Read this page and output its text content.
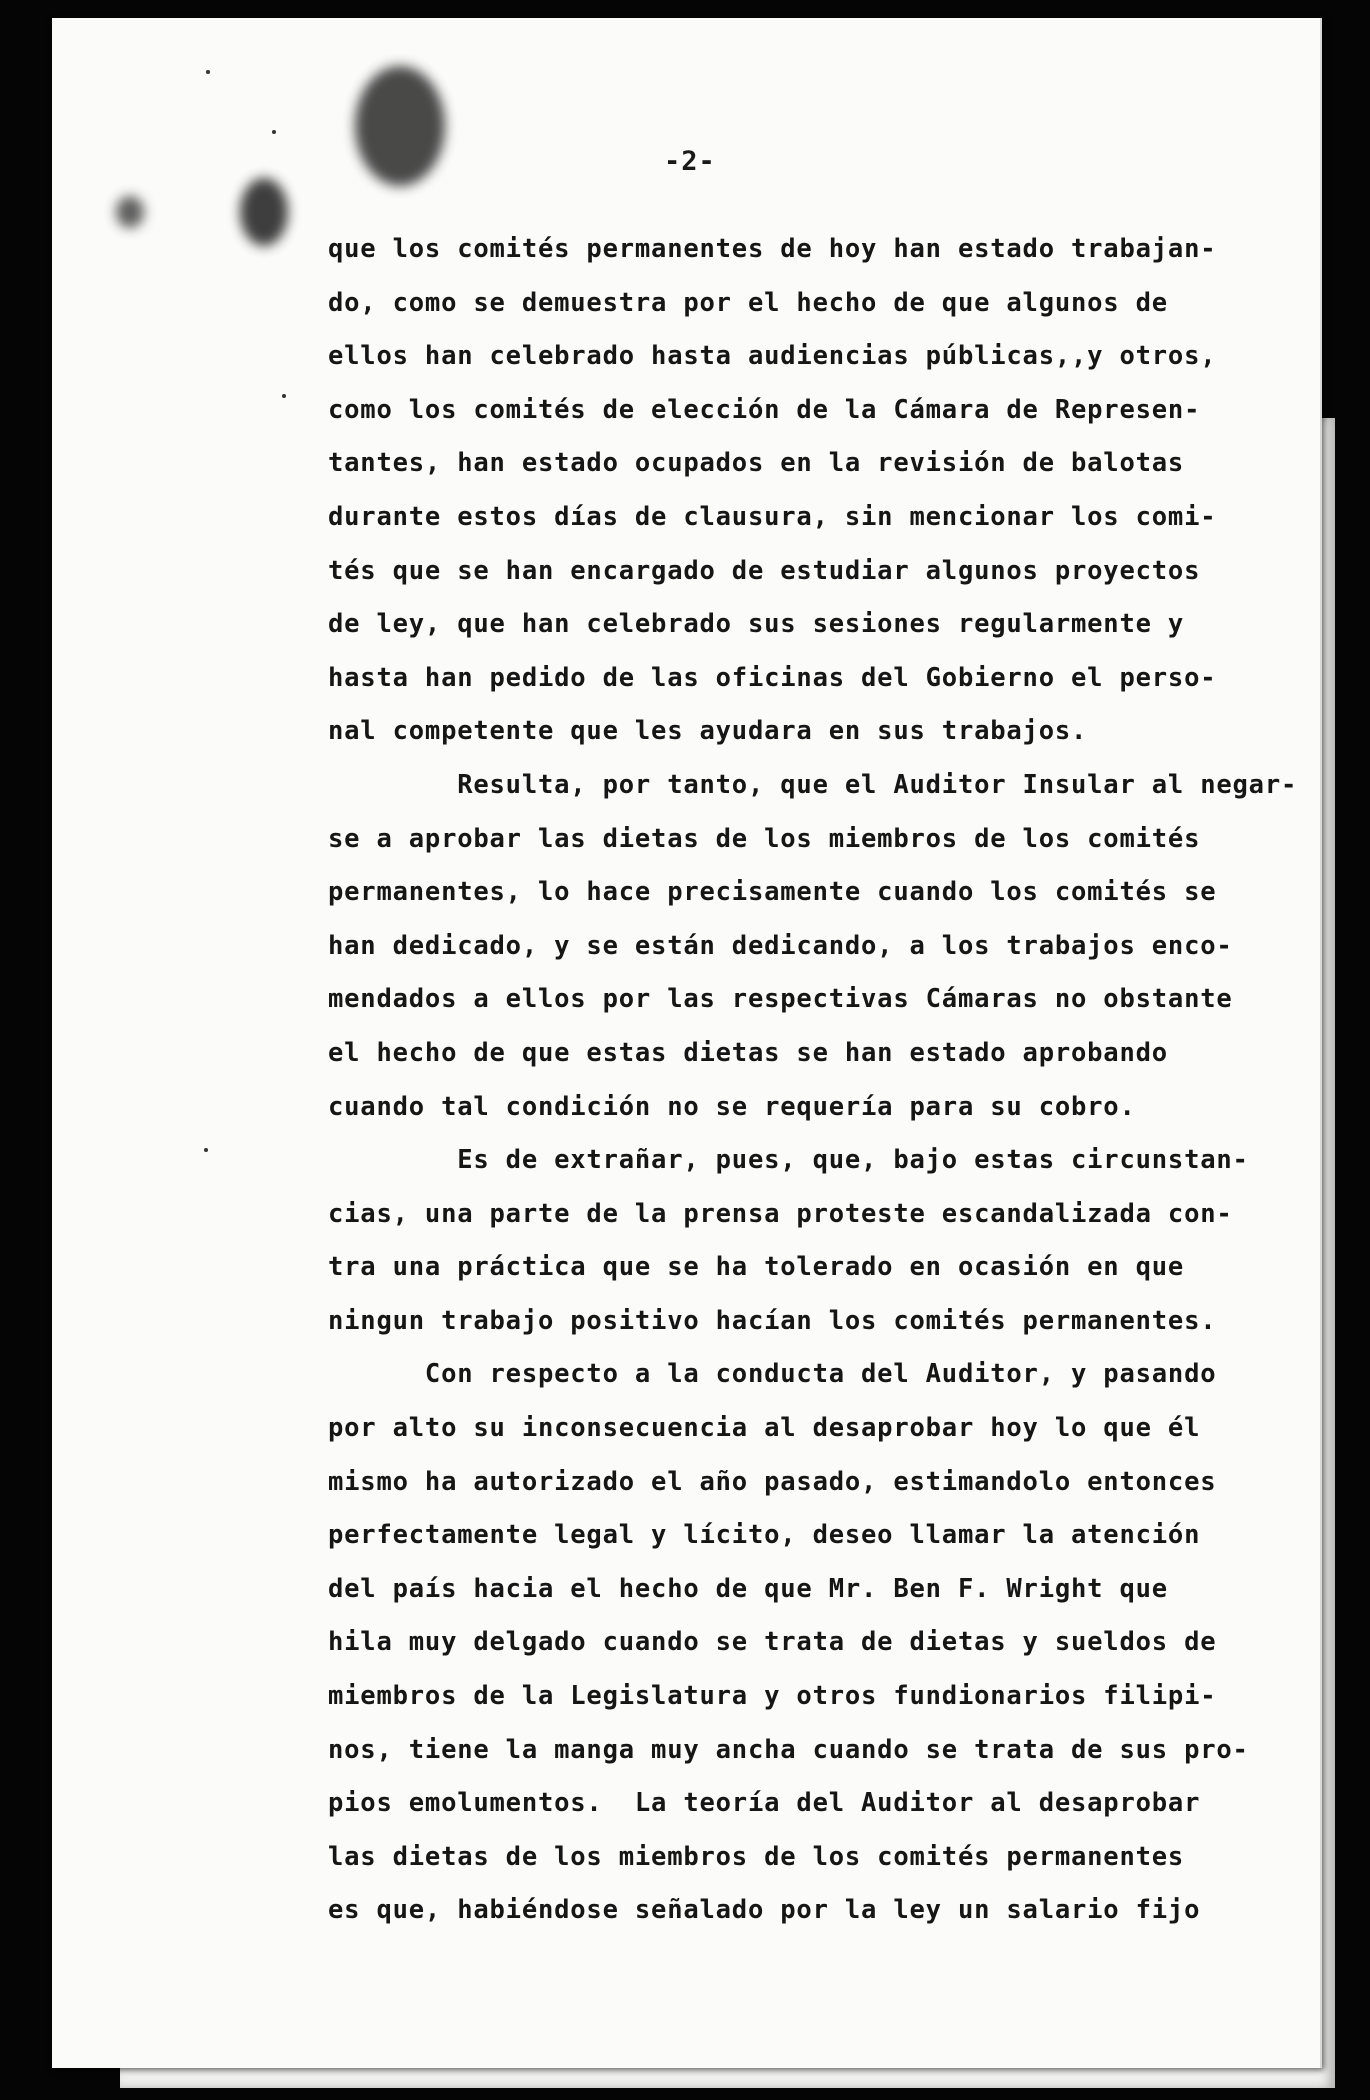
-2-
que los comités permanentes de hoy han estado trabajan-
do, como se demuestra por el hecho de que algunos de
ellos han celebrado hasta audiencias públicas,,y otros,
como los comités de elección de la Cámara de Represen-
tantes, han estado ocupados en la revisión de balotas
durante estos días de clausura, sin mencionar los comi-
tés que se han encargado de estudiar algunos proyectos
de ley, que han celebrado sus sesiones regularmente y
hasta han pedido de las oficinas del Gobierno el perso-
nal competente que les ayudara en sus trabajos.
Resulta, por tanto, que el Auditor Insular al negar-
se a aprobar las dietas de los miembros de los comités
permanentes, lo hace precisamente cuando los comités se
han dedicado, y se están dedicando, a los trabajos enco-
mendados a ellos por las respectivas Cámaras no obstante
el hecho de que estas dietas se han estado aprobando
cuando tal condición no se requería para su cobro.
Es de extrañar, pues, que, bajo estas circunstan-
cias, una parte de la prensa proteste escandalizada con-
tra una práctica que se ha tolerado en ocasión en que
ningun trabajo positivo hacían los comités permanentes.
Con respecto a la conducta del Auditor, y pasando
por alto su inconsecuencia al desaprobar hoy lo que él
mismo ha autorizado el año pasado, estimandolo entonces
perfectamente legal y lícito, deseo llamar la atención
del país hacia el hecho de que Mr. Ben F. Wright que
hila muy delgado cuando se trata de dietas y sueldos de
miembros de la Legislatura y otros fundionarios filipi-
nos, tiene la manga muy ancha cuando se trata de sus pro-
pios emolumentos.  La teoría del Auditor al desaprobar
las dietas de los miembros de los comités permanentes
es que, habiéndose señalado por la ley un salario fijo
